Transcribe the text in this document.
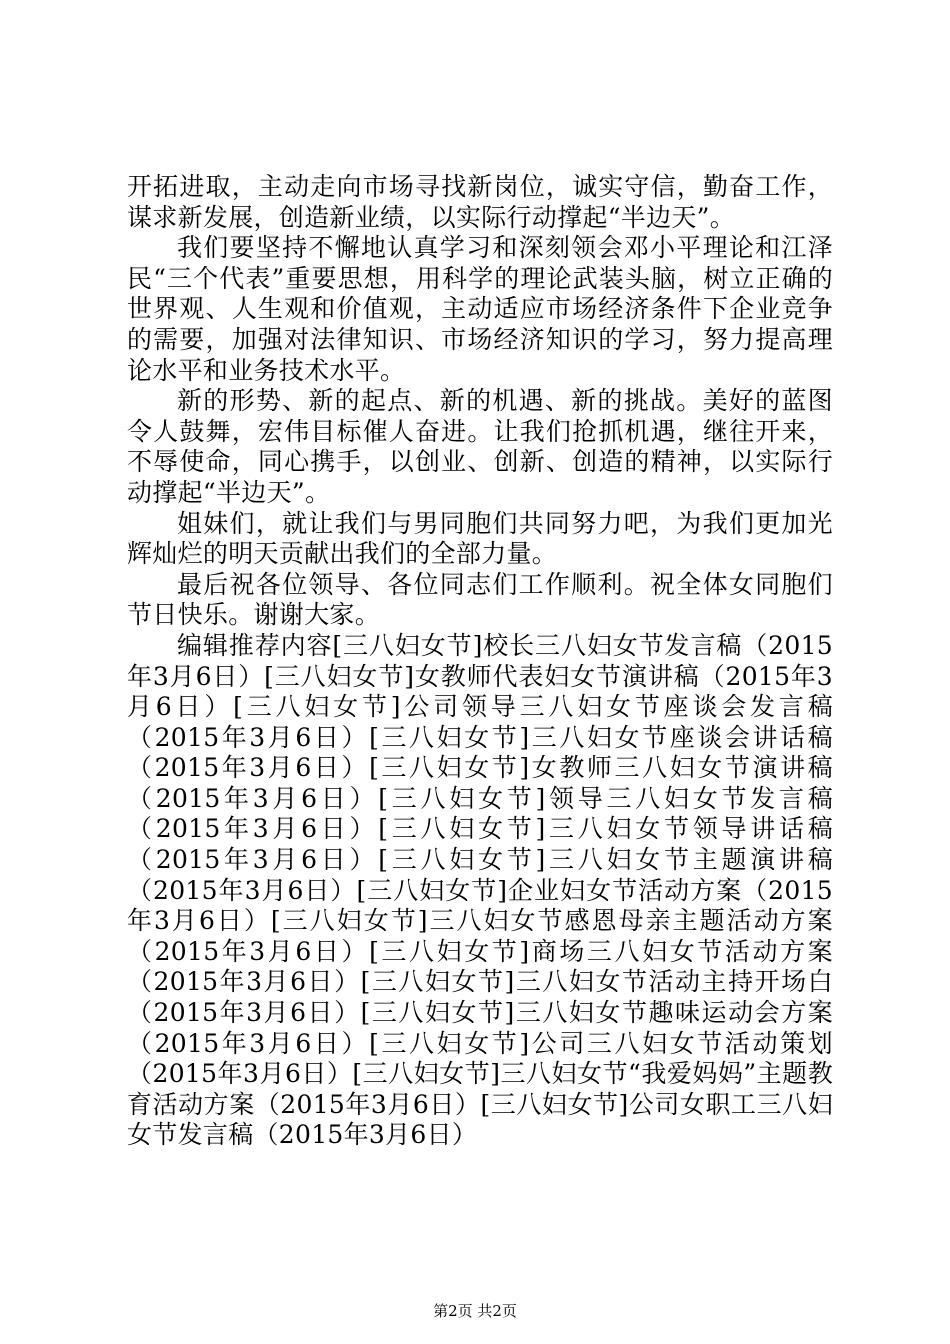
开拓进取，主动走向市场寻找新岗位，诚实守信，勤奋工作，谋求新发展，创造新业绩，以实际行动撑起“半边天”。

我们要坚持不懈地认真学习和深刻领会邓小平理论和江泽民“三个代表”重要思想，用科学的理论武装头脑，树立正确的世界观、人生观和价值观，主动适应市场经济条件下企业竞争的需要，加强对法律知识、市场经济知识的学习，努力提高理论水平和业务技术水平。

新的形势、新的起点、新的机遇、新的挑战。美好的蓝图令人鼓舞，宏伟目标催人奋进。让我们抢抓机遇，继往开来，不辱使命，同心携手，以创业、创新、创造的精神，以实际行动撑起“半边天”。

姐妹们，就让我们与男同胞们共同努力吧，为我们更加光辉灿烂的明天贡献出我们的全部力量。

最后祝各位领导、各位同志们工作顺利。祝全体女同胞们节日快乐。谢谢大家。

编辑推荐内容[三八妇女节]校长三八妇女节发言稿（2015年3月6日）[三八妇女节]女教师代表妇女节演讲稿（2015年3月6日）[三八妇女节]公司领导三八妇女节座谈会发言稿（2015年3月6日）[三八妇女节]三八妇女节座谈会讲话稿（2015年3月6日）[三八妇女节]女教师三八妇女节演讲稿（2015年3月6日）[三八妇女节]领导三八妇女节发言稿（2015年3月6日）[三八妇女节]三八妇女节领导讲话稿（2015年3月6日）[三八妇女节]三八妇女节主题演讲稿（2015年3月6日）[三八妇女节]企业妇女节活动方案（2015年3月6日）[三八妇女节]三八妇女节感恩母亲主题活动方案（2015年3月6日）[三八妇女节]商场三八妇女节活动方案（2015年3月6日）[三八妇女节]三八妇女节活动主持开场白（2015年3月6日）[三八妇女节]三八妇女节趣味运动会方案（2015年3月6日）[三八妇女节]公司三八妇女节活动策划（2015年3月6日）[三八妇女节]三八妇女节“我爱妈妈”主题教育活动方案（2015年3月6日）[三八妇女节]公司女职工三八妇女节发言稿（2015年3月6日）

第2页 共2页
